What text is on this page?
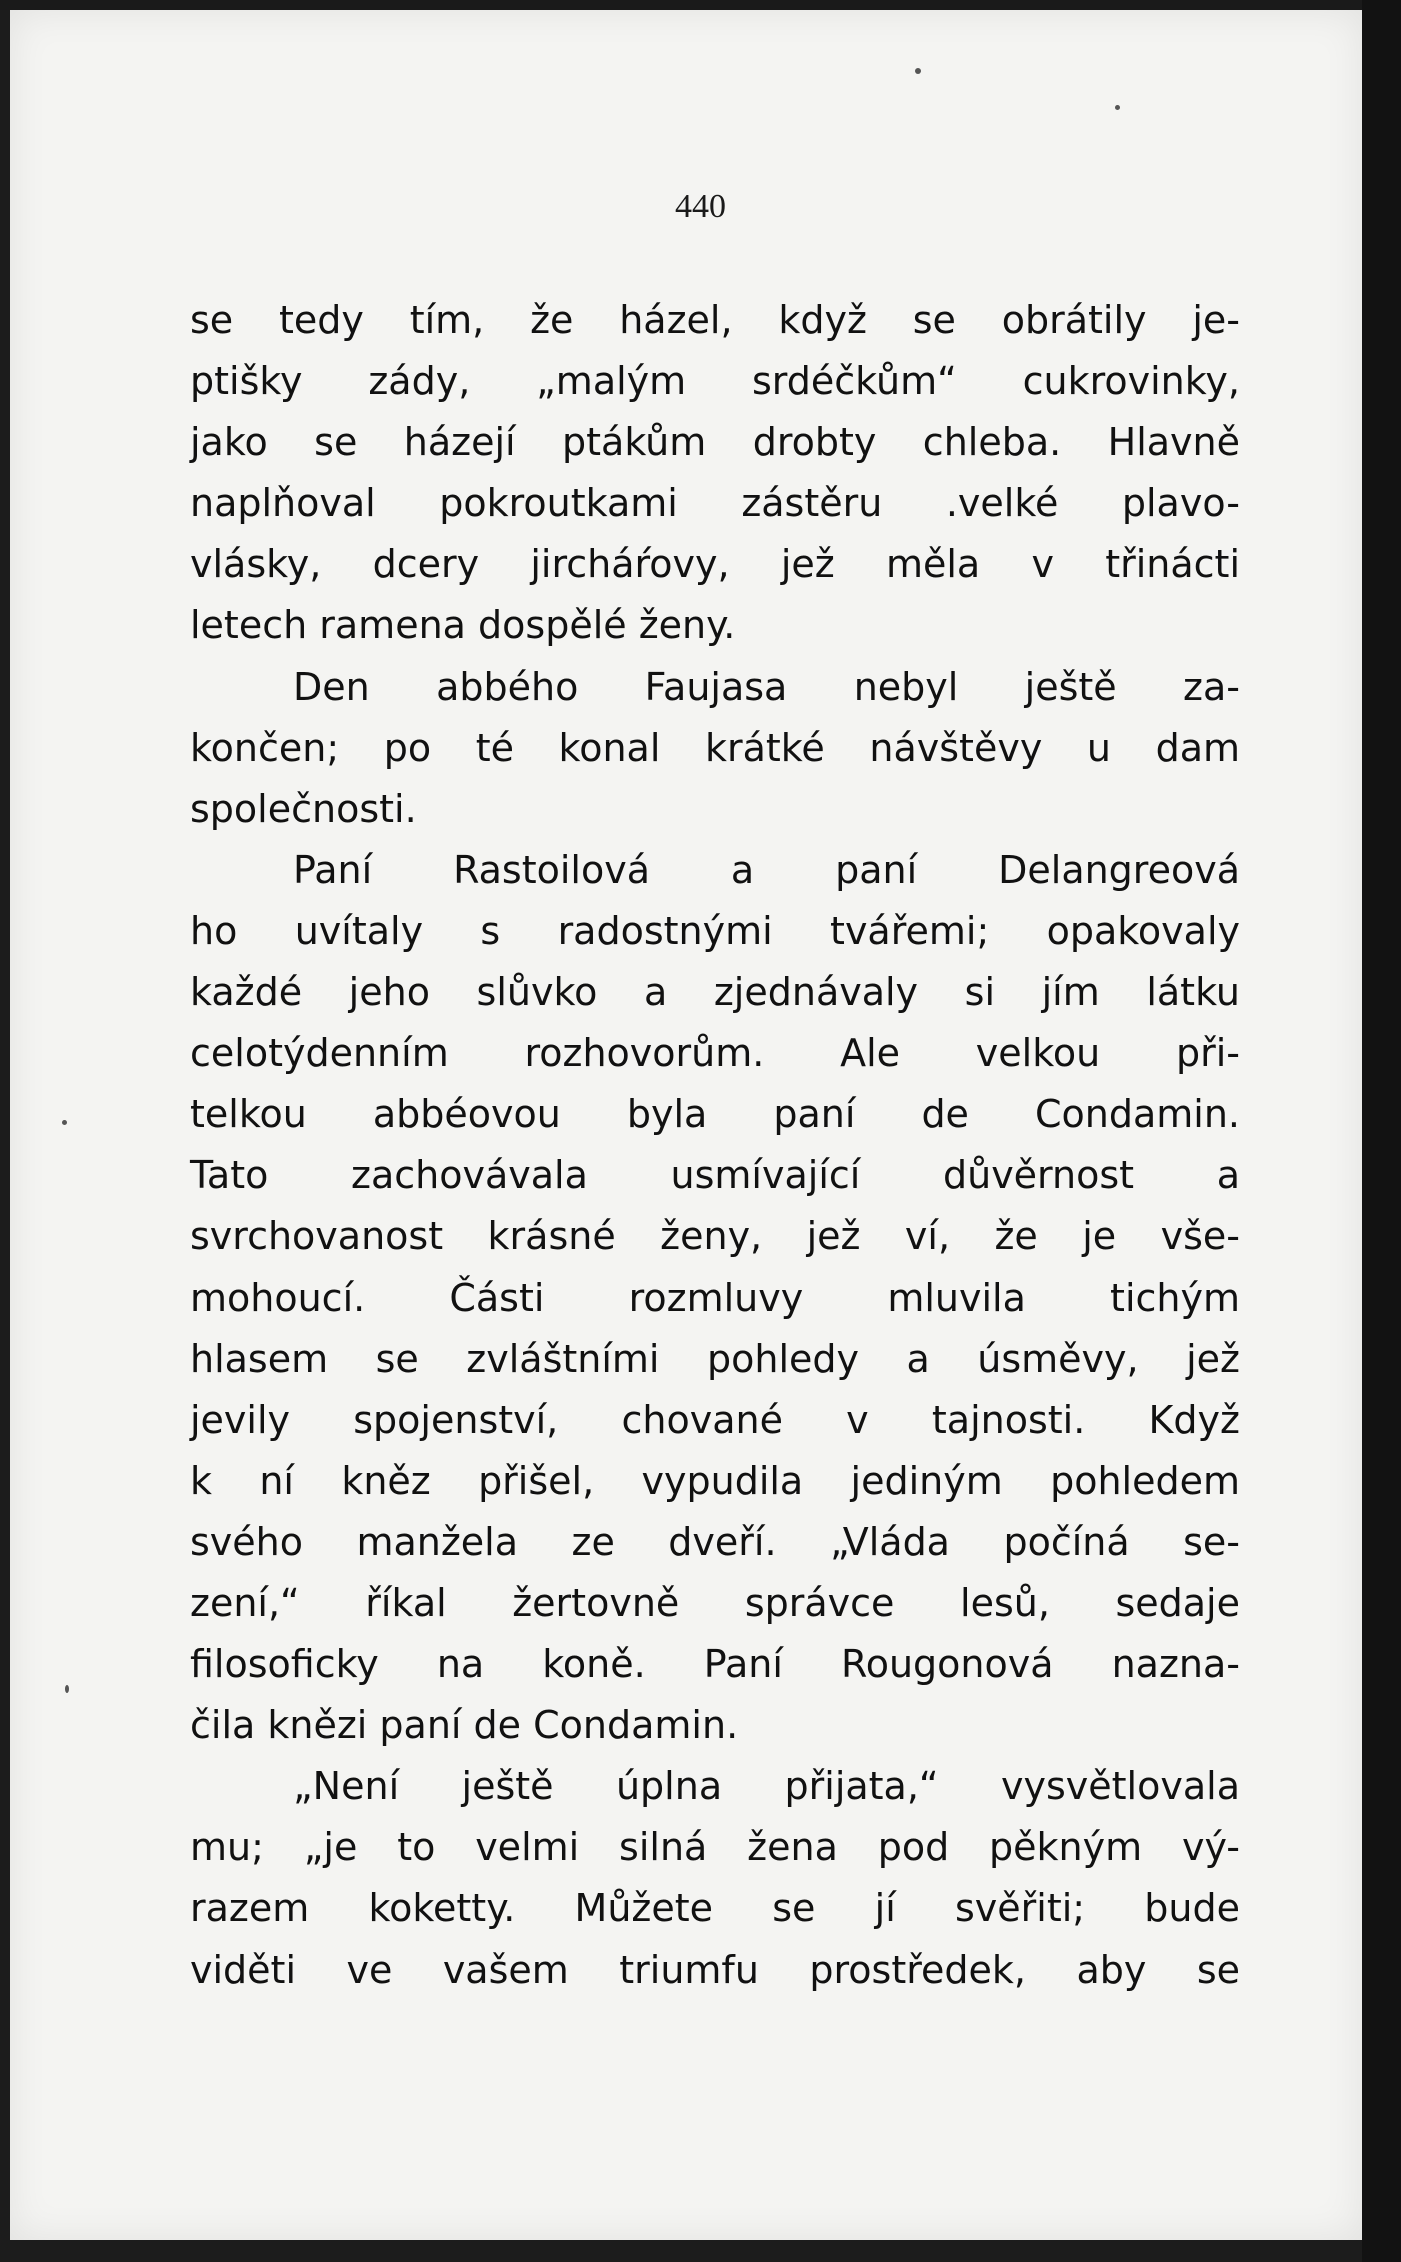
440
se tedy tím, že házel, když se obrátily je-
ptišky zády, „malým srdéčkům“ cukrovinky,
jako se házejí ptákům drobty chleba. Hlavně
naplňoval pokroutkami zástěru .velké plavo-
vlásky, dcery jircháŕovy, jež měla v třinácti
letech ramena dospělé ženy.
Den abbého Faujasa nebyl ještě za-
končen; po té konal krátké návštěvy u dam
společnosti.
Paní Rastoilová a paní Delangreová
ho uvítaly s radostnými tvářemi; opakovaly
každé jeho slůvko a zjednávaly si jím látku
celotýdenním rozhovorům. Ale velkou při-
telkou abbéovou byla paní de Condamin.
Tato zachovávala usmívající důvěrnost a
svrchovanost krásné ženy, jež ví, že je vše-
mohoucí. Části rozmluvy mluvila tichým
hlasem se zvláštními pohledy a úsměvy, jež
jevily spojenství, chované v tajnosti. Když
k ní kněz přišel, vypudila jediným pohledem
svého manžela ze dveří. „Vláda počíná se-
zení,“ říkal žertovně správce lesů, sedaje
filosoficky na koně. Paní Rougonová nazna-
čila knězi paní de Condamin.
„Není ještě úplna přijata,“ vysvětlovala
mu; „je to velmi silná žena pod pěkným vý-
razem koketty. Můžete se jí svěřiti; bude
viděti ve vašem triumfu prostředek, aby se
